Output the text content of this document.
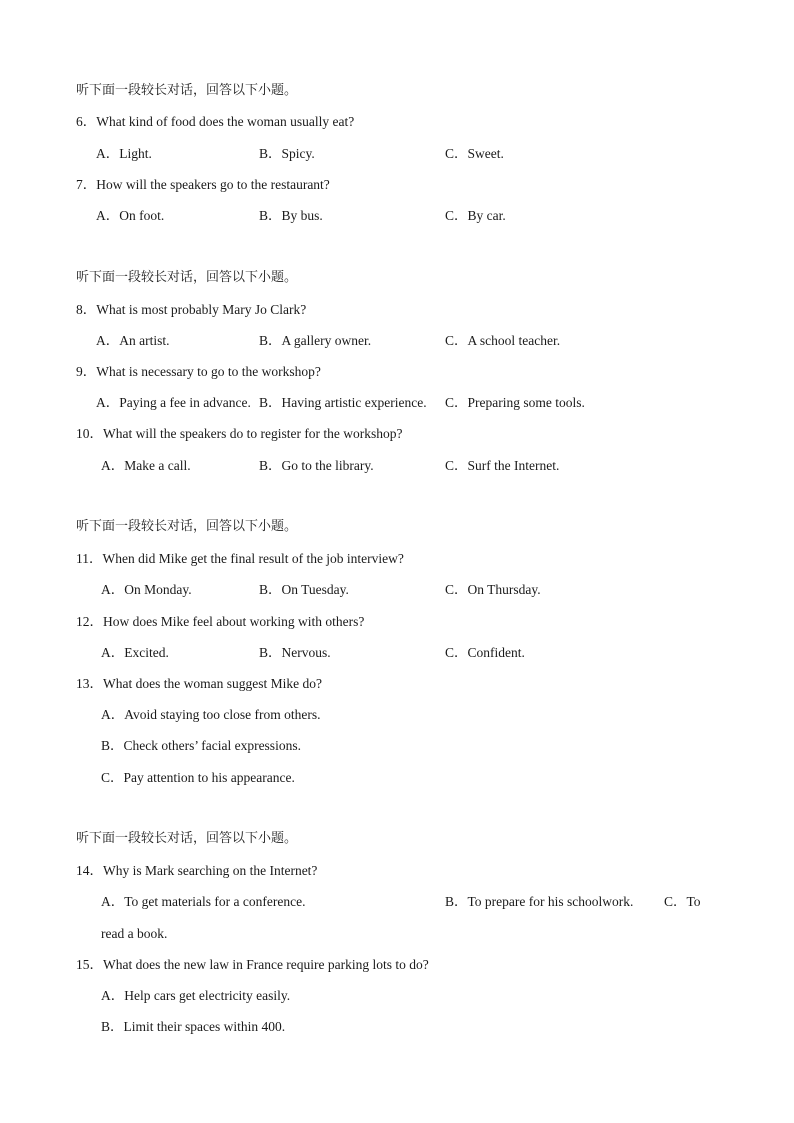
听下面一段较长对话，回答以下小题。
6．What kind of food does the woman usually eat?
A．Light.	B．Spicy.	C．Sweet.
7．How will the speakers go to the restaurant?
A．On foot.	B．By bus.	C．By car.
听下面一段较长对话，回答以下小题。
8．What is most probably Mary Jo Clark?
A．An artist.	B．A gallery owner.	C．A school teacher.
9．What is necessary to go to the workshop?
A．Paying a fee in advance. B．Having artistic experience. C．Preparing some tools.
10．What will the speakers do to register for the workshop?
A．Make a call.	B．Go to the library.	C．Surf the Internet.
听下面一段较长对话，回答以下小题。
11．When did Mike get the final result of the job interview?
A．On Monday.	B．On Tuesday.	C．On Thursday.
12．How does Mike feel about working with others?
A．Excited.	B．Nervous.	C．Confident.
13．What does the woman suggest Mike do?
A．Avoid staying too close from others.
B．Check others’ facial expressions.
C．Pay attention to his appearance.
听下面一段较长对话，回答以下小题。
14．Why is Mark searching on the Internet?
A．To get materials for a conference.	B．To prepare for his schoolwork. C．To
read a book.
15．What does the new law in France require parking lots to do?
A．Help cars get electricity easily.
B．Limit their spaces within 400.
